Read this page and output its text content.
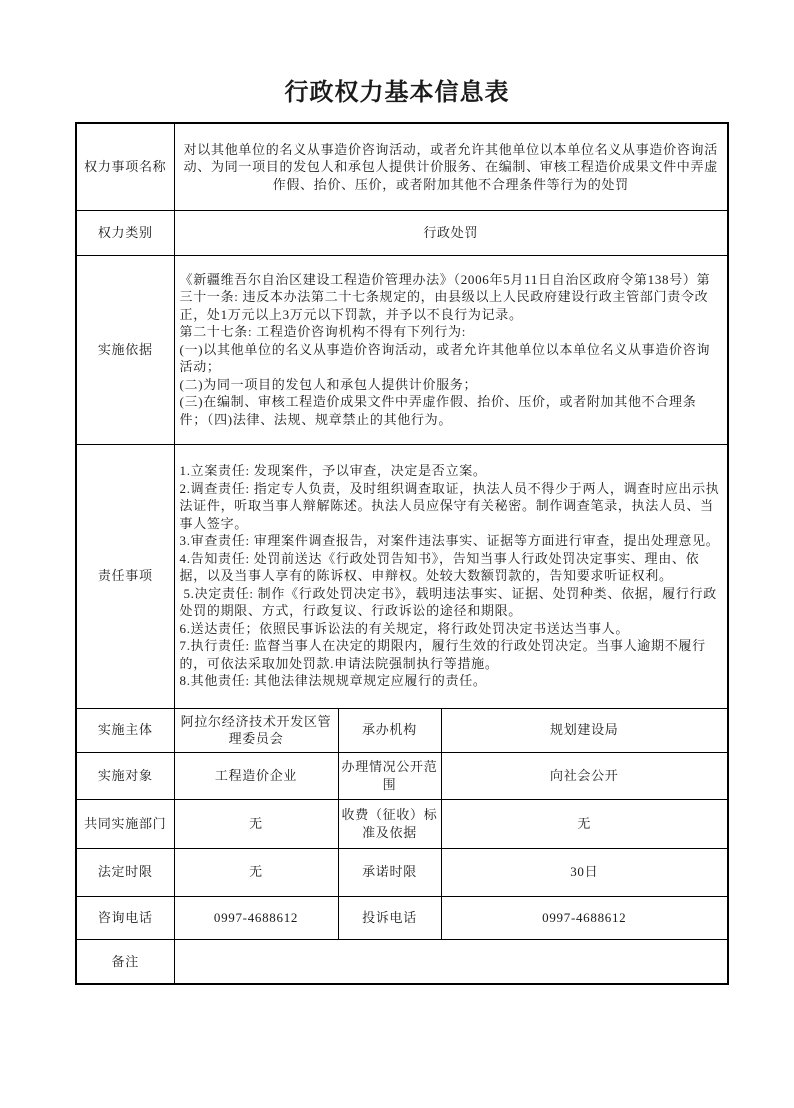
行政权力基本信息表
权力事项名称	对以其他单位的名义从事造价咨询活动，或者允许其他单位以本单位名义从事造价咨询活动、为同一项目的发包人和承包人提供计价服务、在编制、审核工程造价成果文件中弄虚作假、抬价、压价，或者附加其他不合理条件等行为的处罚		
权力类别	行政处罚		
实施依据	《新疆维吾尔自治区建设工程造价管理办法》（2006年5月11日自治区政府令第138号）第三十一条: 违反本办法第二十七条规定的，由县级以上人民政府建设行政主管部门责令改正，处1万元以上3万元以下罚款，并予以不良行为记录。
第二十七条: 工程造价咨询机构不得有下列行为:
(一)以其他单位的名义从事造价咨询活动，或者允许其他单位以本单位名义从事造价咨询活动；
(二)为同一项目的发包人和承包人提供计价服务；
(三)在编制、审核工程造价成果文件中弄虚作假、抬价、压价，或者附加其他不合理条件；（四)法律、法规、规章禁止的其他行为。		

责任事项	
1.立案责任: 发现案件，予以审查，决定是否立案。
2.调查责任: 指定专人负责，及时组织调查取证，执法人员不得少于两人，调查时应出示执法证件，听取当事人辩解陈述。执法人员应保守有关秘密。制作调查笔录，执法人员、当事人签字。
3.审查责任: 审理案件调查报告，对案件违法事实、证据等方面进行审查，提出处理意见。
4.告知责任: 处罚前送达《行政处罚告知书》，告知当事人行政处罚决定事实、理由、依据，以及当事人享有的陈诉权、申辩权。处较大数额罚款的，告知要求听证权利。
5.决定责任: 制作《行政处罚决定书》，载明违法事实、证据、处罚种类、依据，履行行政处罚的期限、方式，行政复议、行政诉讼的途径和期限。
6.送达责任；依照民事诉讼法的有关规定，将行政处罚决定书送达当事人。
7.执行责任: 监督当事人在决定的期限内，履行生效的行政处罚决定。当事人逾期不履行的，可依法采取加处罚款.申请法院强制执行等措施。
8.其他责任: 其他法律法规规章规定应履行的责任。

实施主体	阿拉尔经济技术开发区管理委员会	承办机构	规划建设局
实施对象	工程造价企业	办理情况公开范围	向社会公开
共同实施部门	无	收费（征收）标准及依据	无
法定时限	无	承诺时限	30日
咨询电话	0997-4688612	投诉电话	0997-4688612
备注			
